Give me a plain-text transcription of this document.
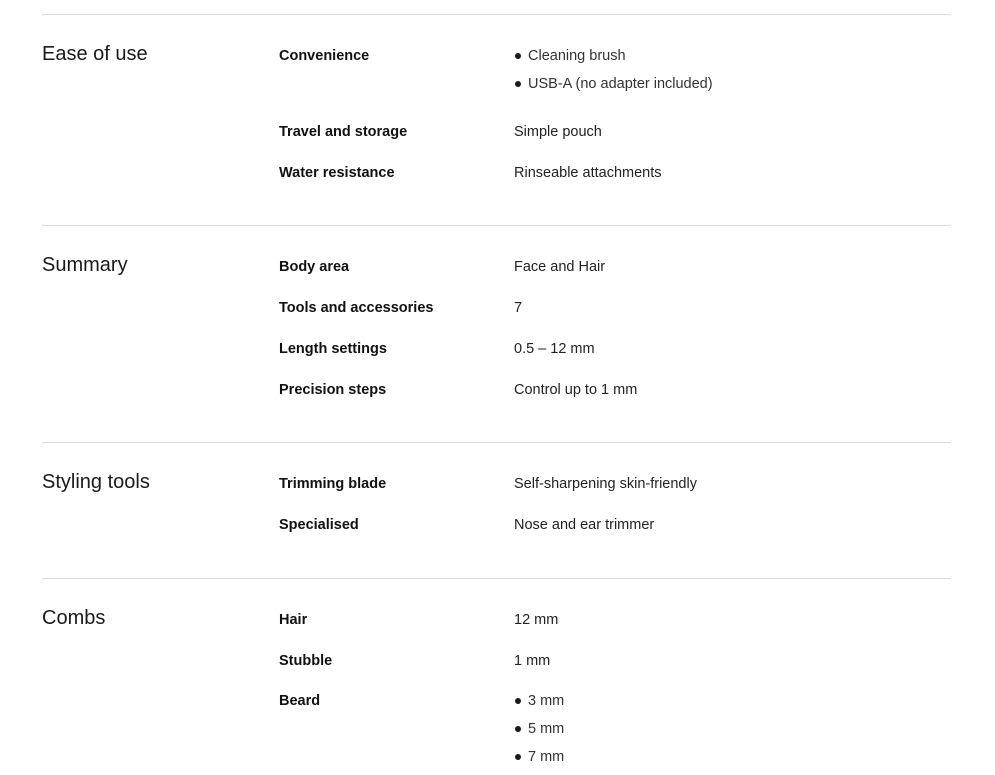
Ease of use	Convenience	Cleaning brush
USB-A (no adapter included)
Travel and storage	Simple pouch
Water resistance	Rinseable attachments
Summary	Body area	Face and Hair
Tools and accessories	7
Length settings	0.5 – 12 mm
Precision steps	Control up to 1 mm
Styling tools	Trimming blade	Self-sharpening skin-friendly
Specialised	Nose and ear trimmer
Combs	Hair	12 mm
Stubble	1 mm
Beard	3 mm
5 mm
7 mm
